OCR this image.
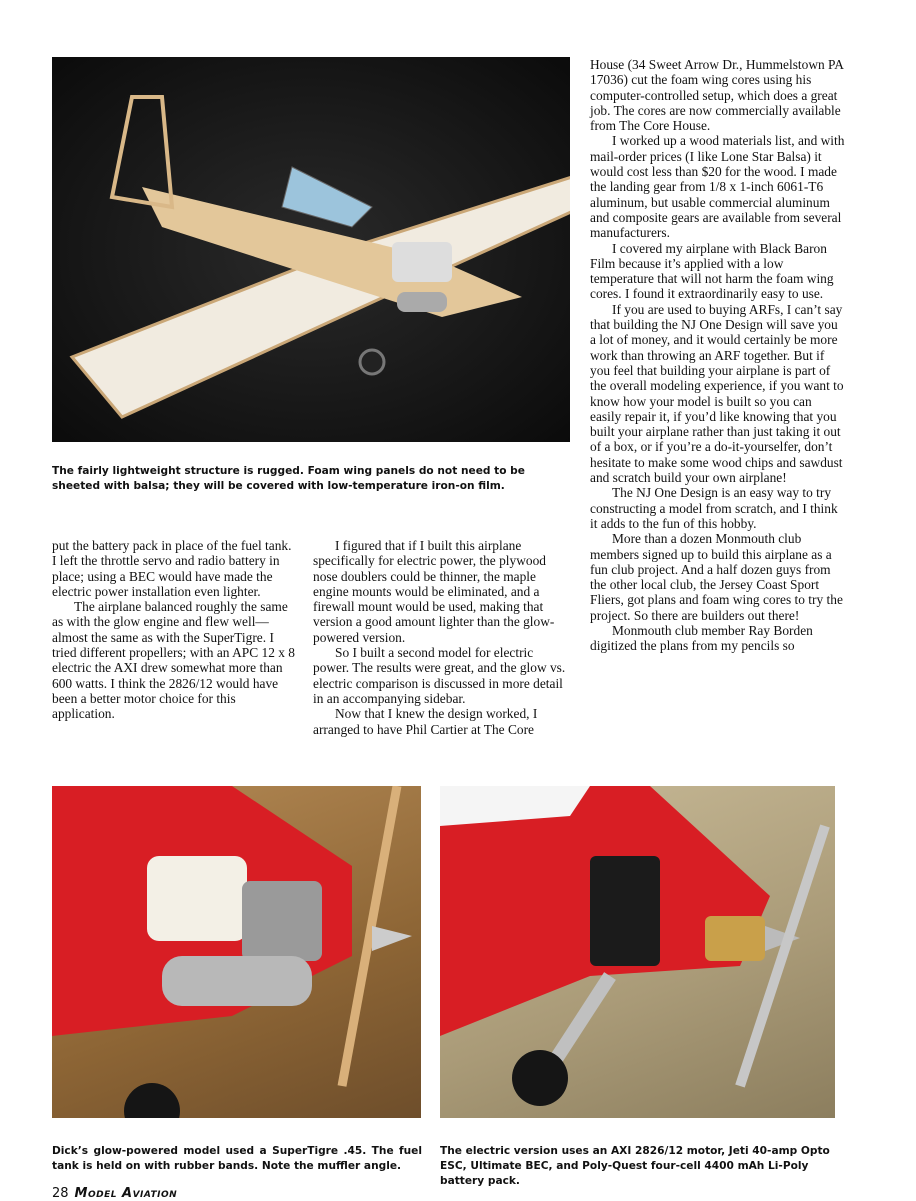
The fairly lightweight structure is rugged. Foam wing panels do not need to be sheeted with balsa; they will be covered with low-temperature iron-on film.

put the battery pack in place of the fuel tank. I left the throttle servo and radio battery in place; using a BEC would have made the electric power installation even lighter.

The airplane balanced roughly the same as with the glow engine and flew well—almost the same as with the SuperTigre. I tried different propellers; with an APC 12 x 8 electric the AXI drew somewhat more than 600 watts. I think the 2826/12 would have been a better motor choice for this application.

I figured that if I built this airplane specifically for electric power, the plywood nose doublers could be thinner, the maple engine mounts would be eliminated, and a firewall mount would be used, making that version a good amount lighter than the glow-powered version.

So I built a second model for electric power. The results were great, and the glow vs. electric comparison is discussed in more detail in an accompanying sidebar.

Now that I knew the design worked, I arranged to have Phil Cartier at The Core

House (34 Sweet Arrow Dr., Hummelstown PA 17036) cut the foam wing cores using his computer-controlled setup, which does a great job. The cores are now commercially available from The Core House.

I worked up a wood materials list, and with mail-order prices (I like Lone Star Balsa) it would cost less than $20 for the wood. I made the landing gear from 1/8 x 1-inch 6061-T6 aluminum, but usable commercial aluminum and composite gears are available from several manufacturers.

I covered my airplane with Black Baron Film because it’s applied with a low temperature that will not harm the foam wing cores. I found it extraordinarily easy to use.

If you are used to buying ARFs, I can’t say that building the NJ One Design will save you a lot of money, and it would certainly be more work than throwing an ARF together. But if you feel that building your airplane is part of the overall modeling experience, if you want to know how your model is built so you can easily repair it, if you’d like knowing that you built your airplane rather than just taking it out of a box, or if you’re a do-it-yourselfer, don’t hesitate to make some wood chips and sawdust and scratch build your own airplane!

The NJ One Design is an easy way to try constructing a model from scratch, and I think it adds to the fun of this hobby.

More than a dozen Monmouth club members signed up to build this airplane as a fun club project. And a half dozen guys from the other local club, the Jersey Coast Sport Fliers, got plans and foam wing cores to try the project. So there are builders out there!

Monmouth club member Ray Borden digitized the plans from my pencils so

Dick’s glow-powered model used a SuperTigre .45. The fuel tank is held on with rubber bands. Note the muffler angle.
The electric version uses an AXI 2826/12 motor, Jeti 40-amp Opto ESC, Ultimate BEC, and Poly-Quest four-cell 4400 mAh Li-Poly battery pack.
28 Model Aviation
